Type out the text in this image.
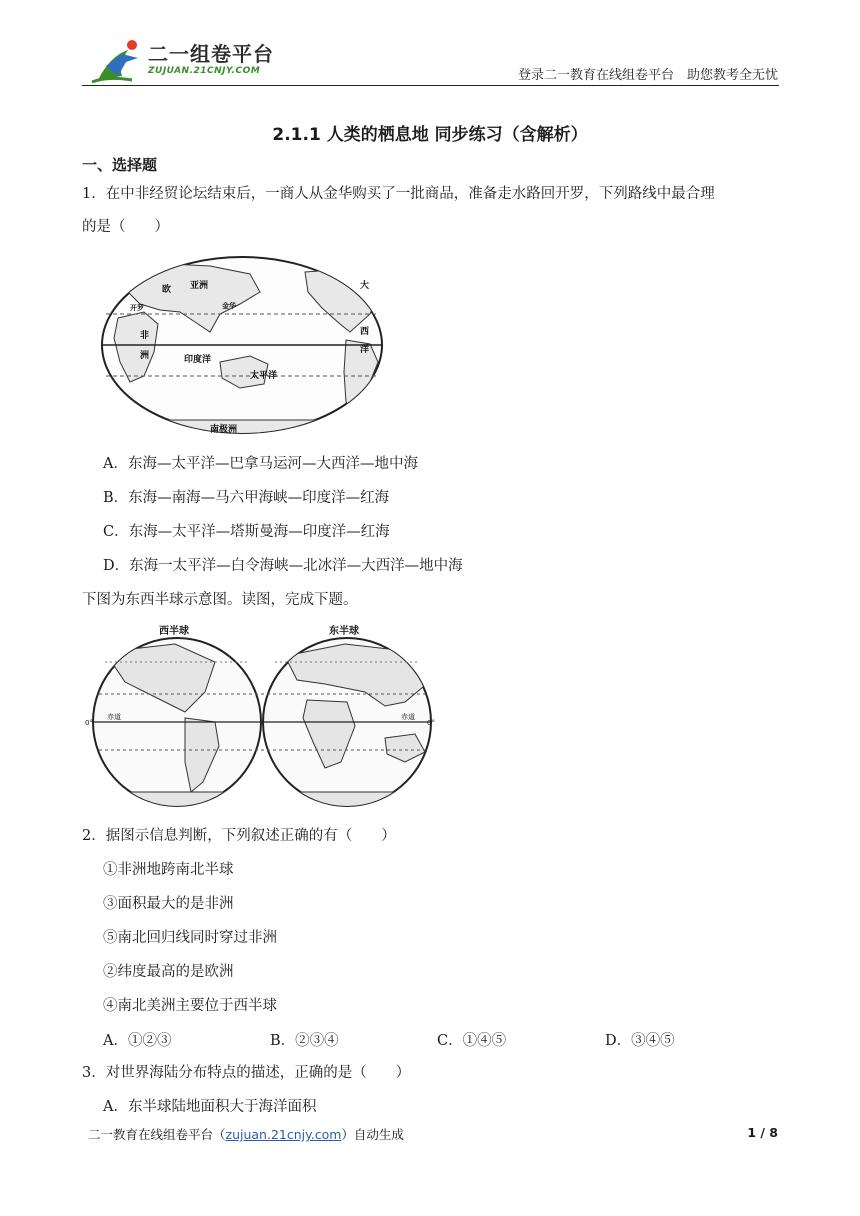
二一组卷平台
ZUJUAN.21CNJY.COM	登录二一教育在线组卷平台　助您教考全无忧
2.1.1 人类的栖息地 同步练习（含解析）
一、选择题
1．在中非经贸论坛结束后，一商人从金华购买了一批商品，准备走水路回开罗，下列路线中最合理
的是（　　）
亚洲
欧
非
洲	印度洋
太平洋
大
西
洋
南极洲
金华
开罗
A．东海—太平洋—巴拿马运河—大西洋—地中海
B．东海—南海—马六甲海峡—印度洋—红海
C．东海—太平洋—塔斯曼海—印度洋—红海
D．东海一太平洋—白令海峡—北冰洋—大西洋—地中海
下图为东西半球示意图。读图，完成下题。
西半球	东半球
赤道	赤道
0°	0°
2．据图示信息判断，下列叙述正确的有（　　）
①非洲地跨南北半球
③面积最大的是非洲
⑤南北回归线同时穿过非洲
②纬度最高的是欧洲
④南北美洲主要位于西半球
A．①②③	B．②③④	C．①④⑤	D．③④⑤
3．对世界海陆分布特点的描述，正确的是（　　）
A．东半球陆地面积大于海洋面积
二一教育在线组卷平台（zujuan.21cnjy.com）自动生成	1 / 8
